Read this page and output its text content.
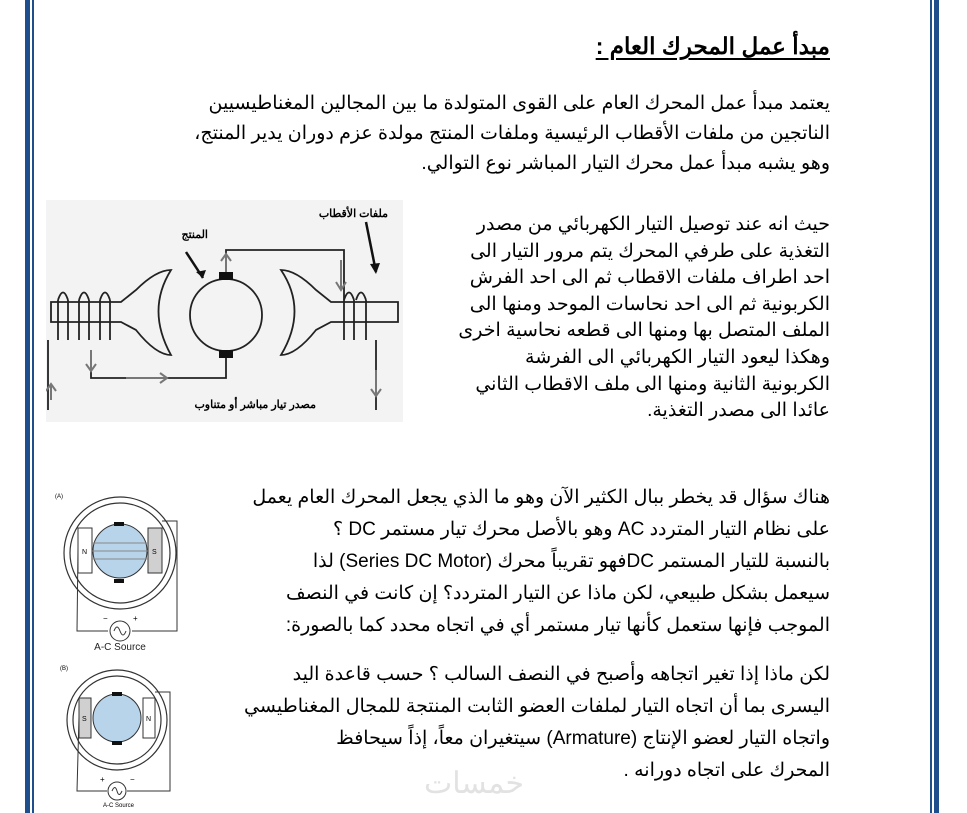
مبدأ عمل المحرك العام :
يعتمد مبدأ عمل المحرك العام على القوى المتولدة ما بين المجالين المغناطيسيين
الناتجين من ملفات الأقطاب الرئيسية وملفات المنتج مولدة عزم دوران يدير المنتج،
وهو يشبه مبدأ عمل محرك التيار المباشر نوع التوالي.
حيث انه عند توصيل التيار الكهربائي من مصدر
التغذية على طرفي المحرك يتم مرور التيار الى
احد اطراف ملفات الاقطاب ثم الى احد الفرش
الكربونية ثم الى احد نحاسات الموحد ومنها الى
الملف المتصل بها ومنها الى قطعه نحاسية اخرى
وهكذا ليعود التيار الكهربائي الى الفرشة
الكربونية الثانية ومنها الى ملف الاقطاب الثاني
عائدا الى مصدر التغذية.
هناك سؤال قد يخطر ببال الكثير الآن وهو ما الذي يجعل المحرك العام يعمل
على نظام التيار المتردد AC وهو بالأصل محرك تيار مستمر DC ؟
بالنسبة للتيار المستمر DCفهو تقريباً محرك (Series DC Motor) لذا
سيعمل بشكل طبيعي، لكن ماذا عن التيار المتردد؟ إن كانت في النصف
الموجب فإنها ستعمل كأنها تيار مستمر أي في اتجاه محدد كما بالصورة:
لكن ماذا إذا تغير اتجاهه وأصبح في النصف السالب ؟ حسب قاعدة اليد
اليسرى بما أن اتجاه التيار لملفات العضو الثابت المنتجة للمجال المغناطيسي
واتجاه التيار لعضو الإنتاج (Armature) سيتغيران معاً، إذاً سيحافظ
المحرك على اتجاه دورانه .
المنتج
ملفات الأقطاب
مصدر تيار مباشر أو متناوب
(A)
N	S
−	+
A-C Source
(B)
S	N
+	−
A-C Source
خمسات
